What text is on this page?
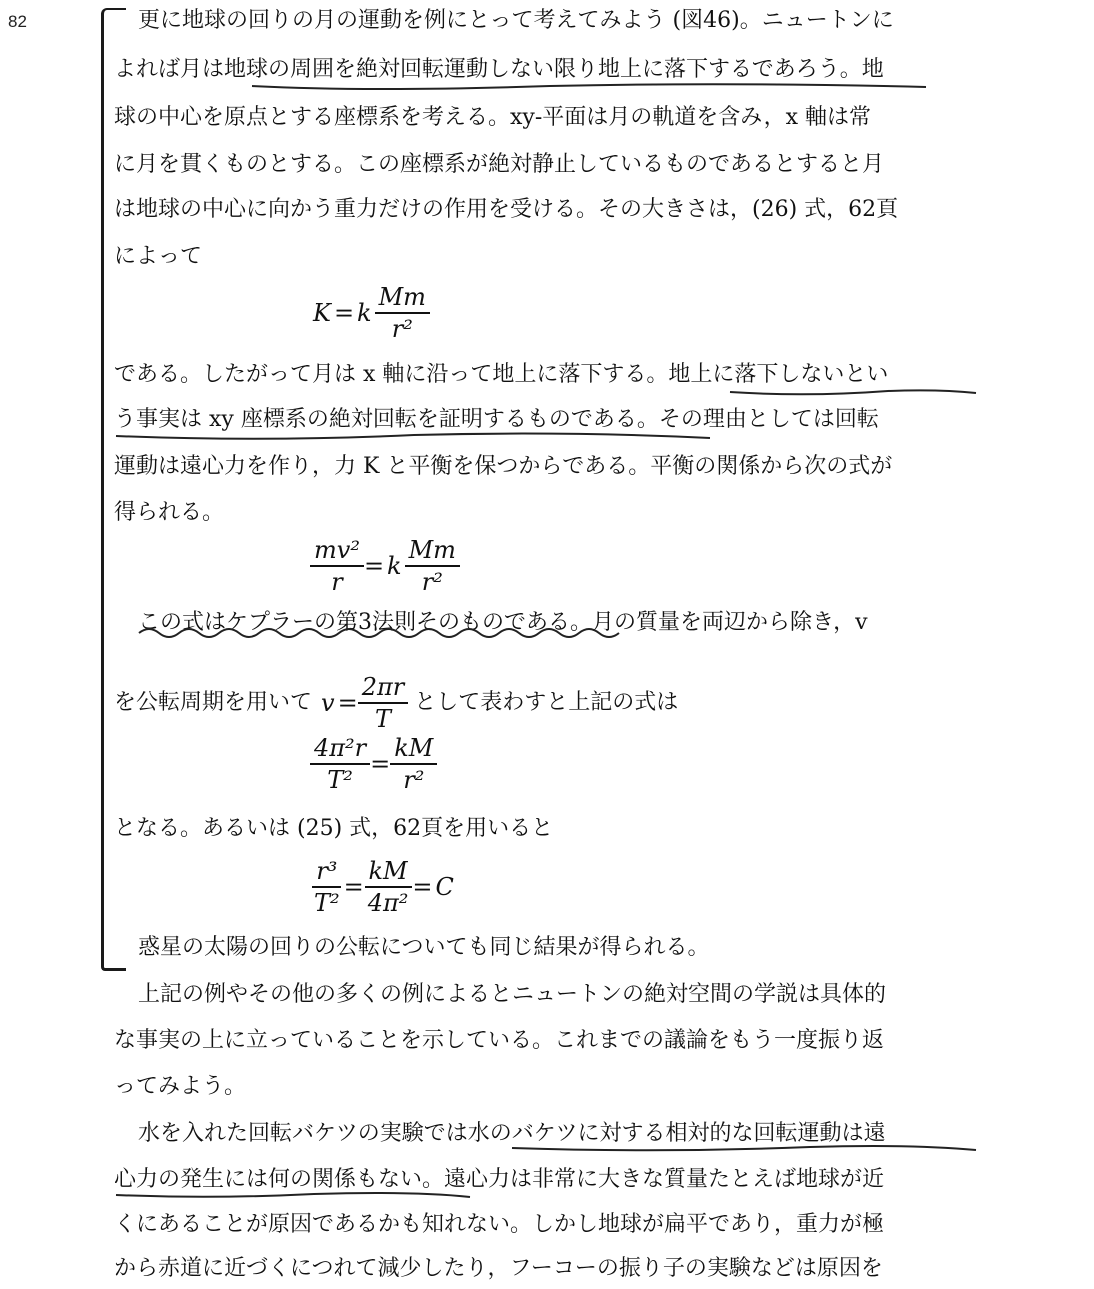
82	更に地球の回りの月の運動を例にとって考えてみよう (図46)。ニュートンに
よれば月は地球の周囲を絶対回転運動しない限り地上に落下するであろう。地
球の中心を原点とする座標系を考える。xy-平面は月の軌道を含み，x 軸は常
に月を貫くものとする。この座標系が絶対静止しているものであるとすると月
は地球の中心に向かう重力だけの作用を受ける。その大きさは，(26) 式，62頁
によって
K = k $\frac{Mm}{\text{r²}}$
である。したがって月は x 軸に沿って地上に落下する。地上に落下しないとい
う事実は xy 座標系の絶対回転を証明するものである。その理由としては回転
運動は遠心力を作り，力 K と平衡を保つからである。平衡の関係から次の式が
得られる。
$\frac{\text{mv²}}{r} = k \frac{Mm}{\text{r²}}$
この式はケプラーの第3法則そのものである。月の質量を両辺から除き，v
を公転周期を用いて $v = \frac{2\pi r}{T}$ として表わすと上記の式は
$\frac{\text{4π²r}}{\text{T²}} = \frac{kM}{\text{r²}}$
となる。あるいは (25) 式，62頁を用いると
$\frac{\text{r³}}{\text{T²}} = \frac{kM}{\text{4π²}} = C$
惑星の太陽の回りの公転についても同じ結果が得られる。
上記の例やその他の多くの例によるとニュートンの絶対空間の学説は具体的
な事実の上に立っていることを示している。これまでの議論をもう一度振り返
ってみよう。
水を入れた回転バケツの実験では水のバケツに対する相対的な回転運動は遠
心力の発生には何の関係もない。遠心力は非常に大きな質量たとえば地球が近
くにあることが原因であるかも知れない。しかし地球が扁平であり，重力が極
から赤道に近づくにつれて減少したり，フーコーの振り子の実験などは原因を
